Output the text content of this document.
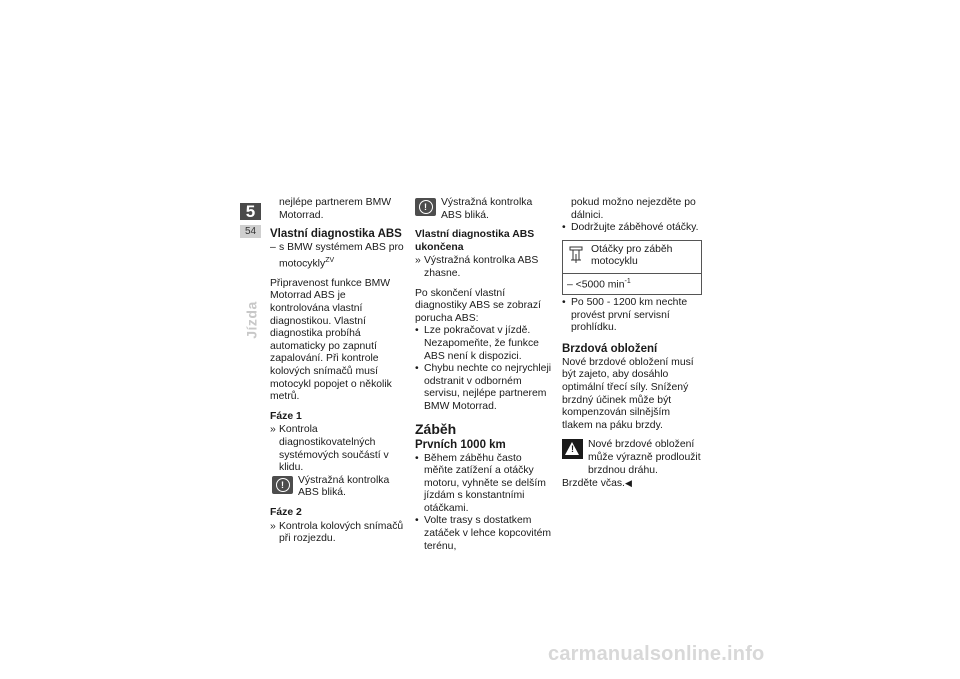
5
54
Jízda

nejlépe partnerem BMW Motorrad.

Vlastní diagnostika ABS
– s BMW systémem ABS pro motocykly$^{ZV}$

Připravenost funkce BMW Motorrad ABS je kontrolována vlastní diagnostikou. Vlastní diagnostika probíhá automaticky po zapnutí zapalování. Při kontrole kolových snímačů musí motocykl popojet o několik metrů.

Fáze 1
» Kontrola diagnostikovatelných systémových součástí v klidu.
!	Výstražná kontrolka ABS bliká.
Fáze 2
» Kontrola kolových snímačů při rozjezdu.
!	Výstražná kontrolka ABS bliká.
Vlastní diagnostika ABS ukončena
» Výstražná kontrolka ABS zhasne.

Po skončení vlastní diagnostiky ABS se zobrazí porucha ABS:

• Lze pokračovat v jízdě. Nezapomeňte, že funkce ABS není k dispozici.
• Chybu nechte co nejrychleji odstranit v odborném servisu, nejlépe partnerem BMW Motorrad.
Záběh
Prvních 1000 km
• Během záběhu často měňte zatížení a otáčky motoru, vyhněte se delším jízdám s konstantními otáčkami.
• Volte trasy s dostatkem zatáček v lehce kopcovitém terénu,

pokud možno nejezděte po dálnici.

• Dodržujte záběhové otáčky.
Otáčky pro záběh motocyklu
– <5000 $\min^{-1}$
• Po 500 - 1200 km nechte provést první servisní prohlídku.
Brzdová obložení

Nové brzdové obložení musí být zajeto, aby dosáhlo optimální třecí síly. Snížený brzdný účinek může být kompenzován silnějším tlakem na páku brzdy.

!	Nové brzdové obložení může výrazně prodloužit brzdnou dráhu.

Brzděte včas.◀

carmanualsonline.info
